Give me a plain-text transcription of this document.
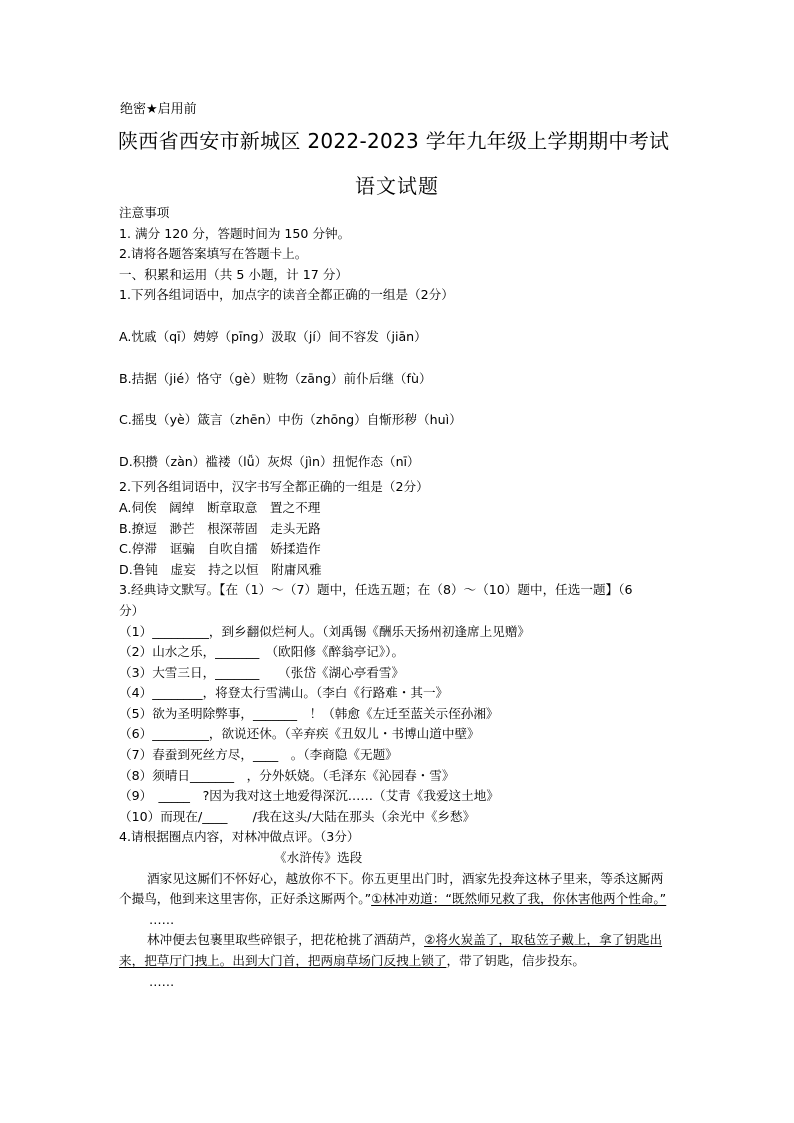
绝密★启用前
陕西省西安市新城区 2022-2023 学年九年级上学期期中考试
语文试题
注意事项
1. 满分 120 分，答题时间为 150 分钟。
2.请将各题答案填写在答题卡上。
一、积累和运用（共 5 小题，计 17 分）
1.下列各组词语中，加点字的读音全都正确的一组是（2分）
A.忱戚（qī）娉婷（pīng）汲取（jí）间不容发（jiān）
B.拮据（jié）恪守（gè）赃物（zāng）前仆后继（fù）
C.摇曳（yè）箴言（zhēn）中伤（zhōng）自惭形秽（huì）
D.积攒（zàn）褴褛（lǚ）灰烬（jìn）扭怩作态（nī）
2.下列各组词语中，汉字书写全都正确的一组是（2分）
A.伺俟　阔绰　断章取意　置之不理
B.撩逗　渺芒　根深蒂固　走头无路
C.停滞　诓骗　自吹自擂　娇揉造作
D.鲁钝　虚妄　持之以恒　附庸风雅
3.经典诗文默写。【在（1）～（7）题中，任选五题；在（8）～（10）题中，任选一题】（6
分）
（1）_________，到乡翻似烂柯人。（刘禹锡《酬乐天扬州初逢席上见赠》
（2）山水之乐，_______　（欧阳修《醉翁亭记》）。
（3）大雪三日，_______　　（张岱《湖心亭看雪》
（4）________，将登太行雪满山。（李白《行路难・其一》
（5）欲为圣明除弊事，_______　！（韩愈《左迁至蓝关示侄孙湘》
（6）_________，欲说还休。（辛弃疾《丑奴儿・书博山道中壁》
（7）春蚕到死丝方尽，____　。（李商隐《无题》
（8）须晴日_______　，分外妖娆。（毛泽东《沁园春・雪》
（9）　_____　?因为我对这土地爱得深沉……（艾青《我爱这土地》
（10）而现在/____　　/我在这头/大陆在那头（余光中《乡愁》
4.请根据圈点内容，对林冲做点评。（3分）
《水浒传》选段
酒家见这厮们不怀好心，越放你不下。你五更里出门时，酒家先投奔这林子里来，等杀这厮两个撮鸟，他到来这里害你，正好杀这厮两个。”①林冲劝道：“既然师兄救了我，你休害他两个性命。”
……
林冲便去包裹里取些碎银子，把花枪挑了酒葫芦，②将火炭盖了，取毡笠子戴上，拿了钥匙出来，把草厅门拽上。出到大门首，把两扇草场门反拽上锁了，带了钥匙，信步投东。
……
